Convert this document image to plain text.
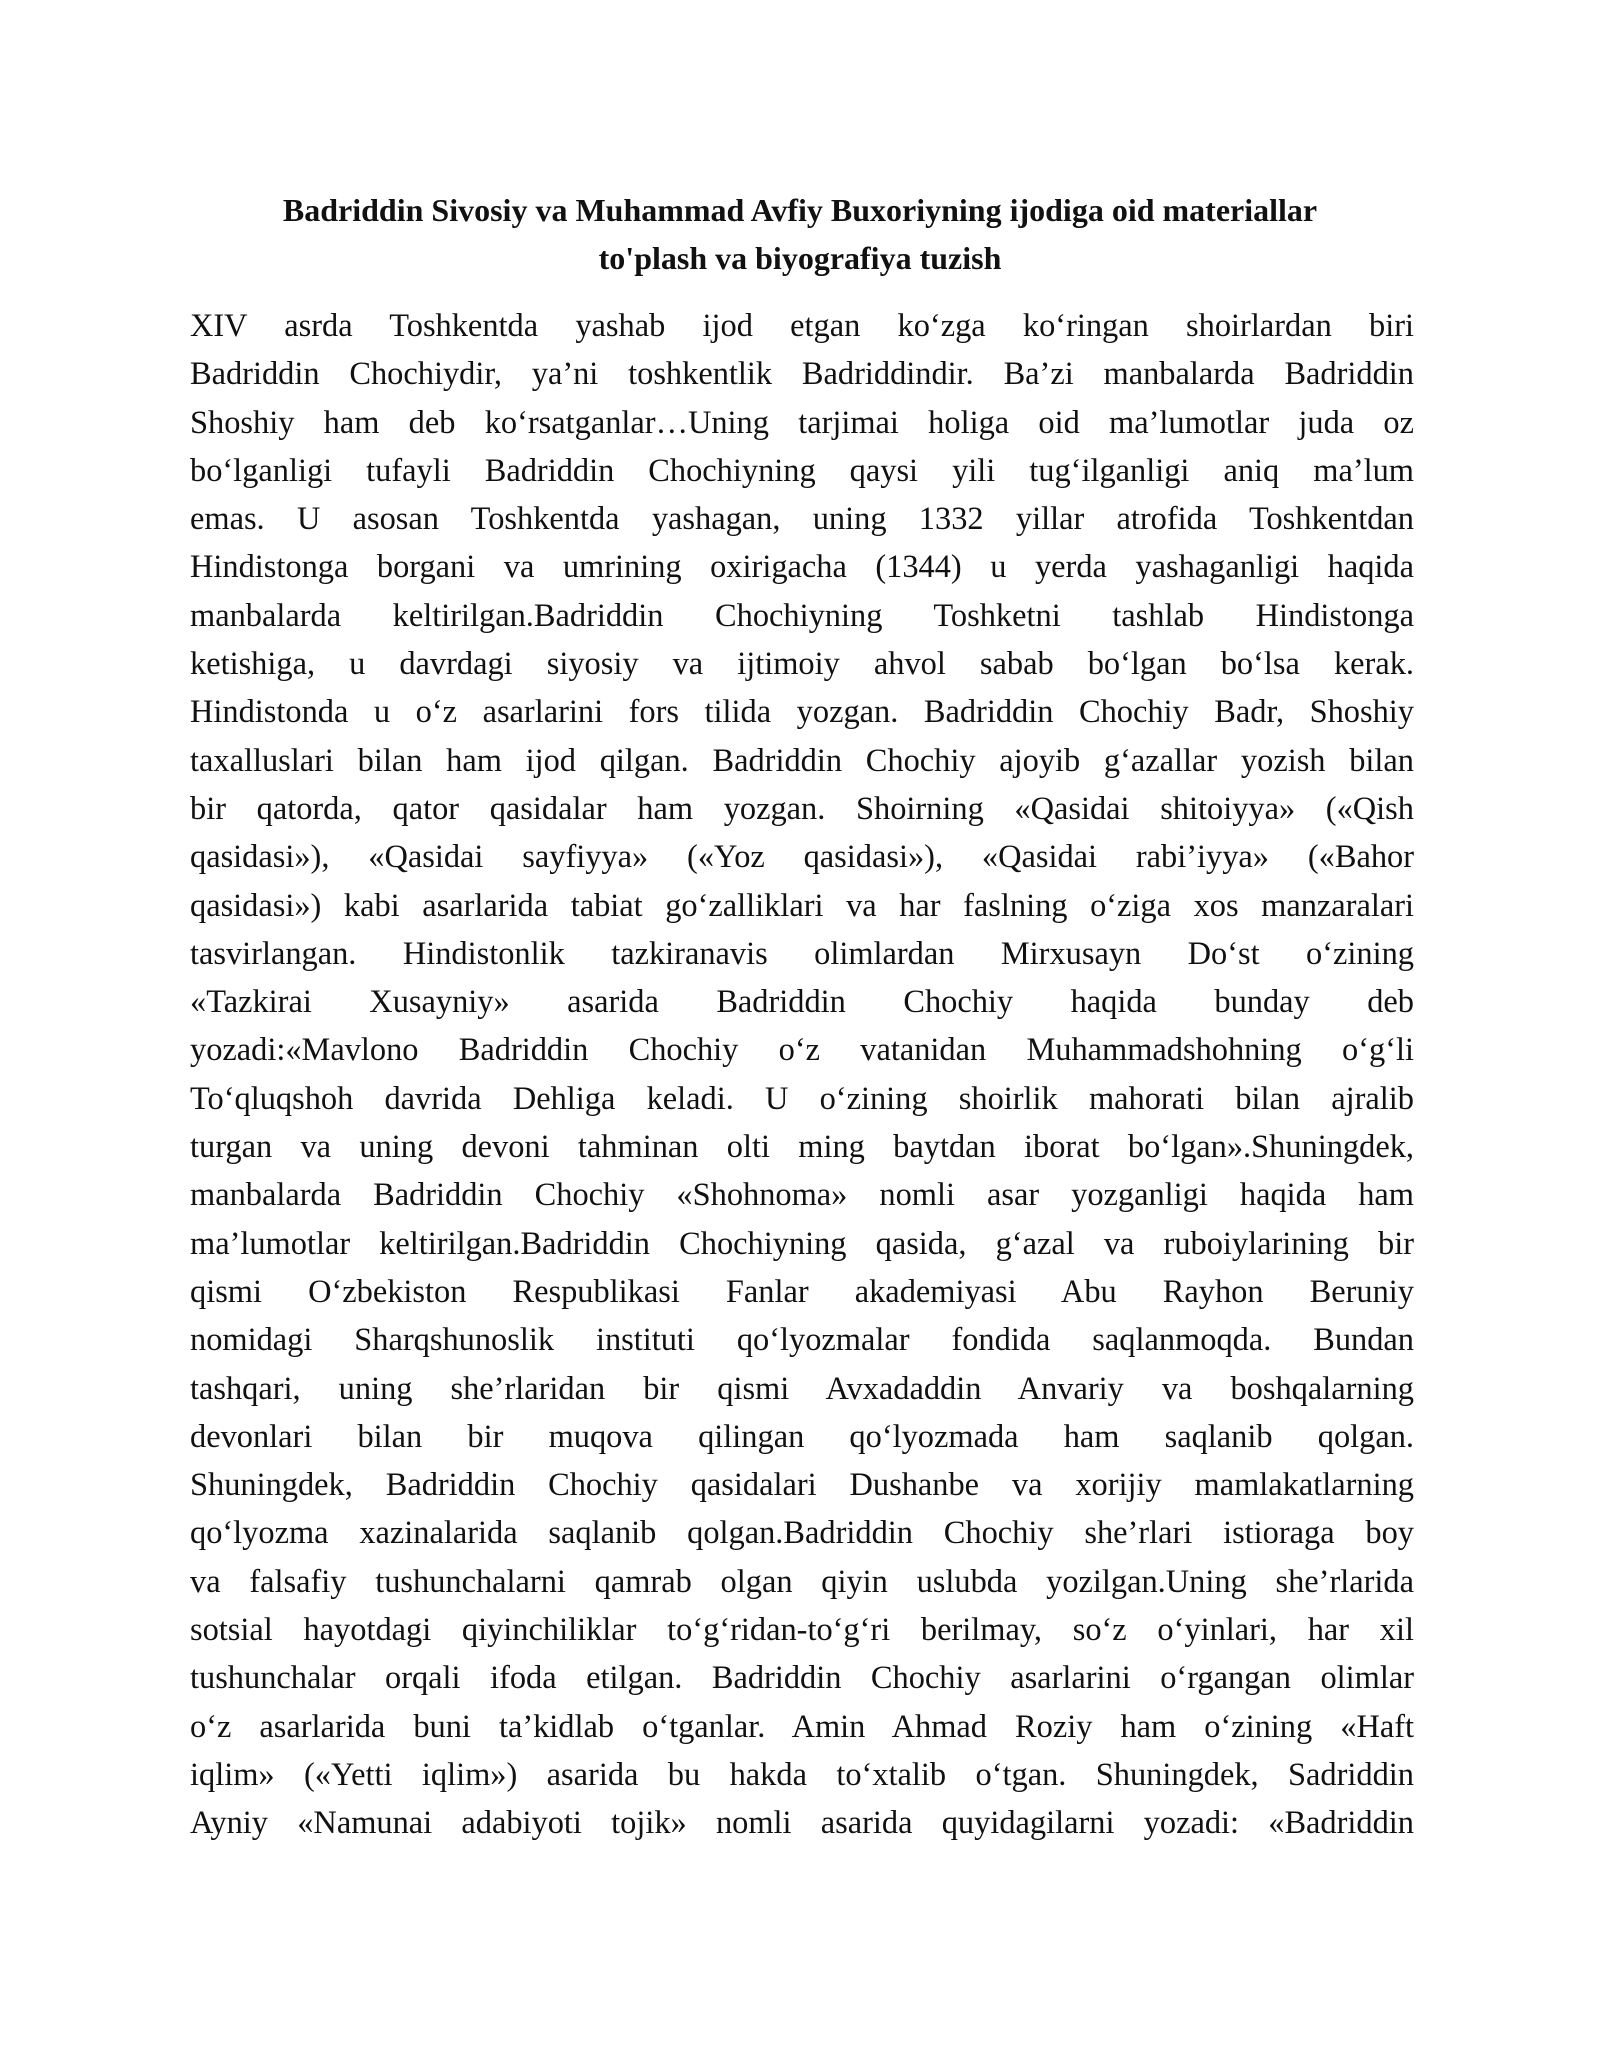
Badriddin Sivosiy va Muhammad Avfiy Buxoriyning ijodiga oid materiallar
to'plash va biyografiya tuzish
XIV asrda Toshkentda yashab ijod etgan ko‘zga ko‘ringan shoirlardan biri
Badriddin Chochiydir, ya’ni toshkentlik Badriddindir. Ba’zi manbalarda Badriddin
Shoshiy ham deb ko‘rsatganlar…Uning tarjimai holiga oid ma’lumotlar juda oz
bo‘lganligi tufayli Badriddin Chochiyning qaysi yili tug‘ilganligi aniq ma’lum
emas. U asosan Toshkentda yashagan, uning 1332 yillar atrofida Toshkentdan
Hindistonga borgani va umrining oxirigacha (1344) u yerda yashaganligi haqida
manbalarda keltirilgan.Badriddin Chochiyning Toshketni tashlab Hindistonga
ketishiga, u davrdagi siyosiy va ijtimoiy ahvol sabab bo‘lgan bo‘lsa kerak.
Hindistonda u o‘z asarlarini fors tilida yozgan. Badriddin Chochiy Badr, Shoshiy
taxalluslari bilan ham ijod qilgan. Badriddin Chochiy ajoyib g‘azallar yozish bilan
bir qatorda, qator qasidalar ham yozgan. Shoirning «Qasidai shitoiyya» («Qish
qasidasi»), «Qasidai sayfiyya» («Yoz qasidasi»), «Qasidai rabi’iyya» («Bahor
qasidasi») kabi asarlarida tabiat go‘zalliklari va har faslning o‘ziga xos manzaralari
tasvirlangan. Hindistonlik tazkiranavis olimlardan Mirxusayn Do‘st o‘zining
«Tazkirai Xusayniy» asarida Badriddin Chochiy haqida bunday deb
yozadi:«Mavlono Badriddin Chochiy o‘z vatanidan Muhammadshohning o‘g‘li
To‘qluqshoh davrida Dehliga keladi. U o‘zining shoirlik mahorati bilan ajralib
turgan va uning devoni tahminan olti ming baytdan iborat bo‘lgan».Shuningdek,
manbalarda Badriddin Chochiy «Shohnoma» nomli asar yozganligi haqida ham
ma’lumotlar keltirilgan.Badriddin Chochiyning qasida, g‘azal va ruboiylarining bir
qismi O‘zbekiston Respublikasi Fanlar akademiyasi Abu Rayhon Beruniy
nomidagi Sharqshunoslik instituti qo‘lyozmalar fondida saqlanmoqda. Bundan
tashqari, uning she’rlaridan bir qismi Avxadaddin Anvariy va boshqalarning
devonlari bilan bir muqova qilingan qo‘lyozmada ham saqlanib qolgan.
Shuningdek, Badriddin Chochiy qasidalari Dushanbe va xorijiy mamlakatlarning
qo‘lyozma xazinalarida saqlanib qolgan.Badriddin Chochiy she’rlari istioraga boy
va falsafiy tushunchalarni qamrab olgan qiyin uslubda yozilgan.Uning she’rlarida
sotsial hayotdagi qiyinchiliklar to‘g‘ridan-to‘g‘ri berilmay, so‘z o‘yinlari, har xil
tushunchalar orqali ifoda etilgan. Badriddin Chochiy asarlarini o‘rgangan olimlar
o‘z asarlarida buni ta’kidlab o‘tganlar. Amin Ahmad Roziy ham o‘zining «Haft
iqlim» («Yetti iqlim») asarida bu hakda to‘xtalib o‘tgan. Shuningdek, Sadriddin
Ayniy «Namunai adabiyoti tojik» nomli asarida quyidagilarni yozadi: «Badriddin
